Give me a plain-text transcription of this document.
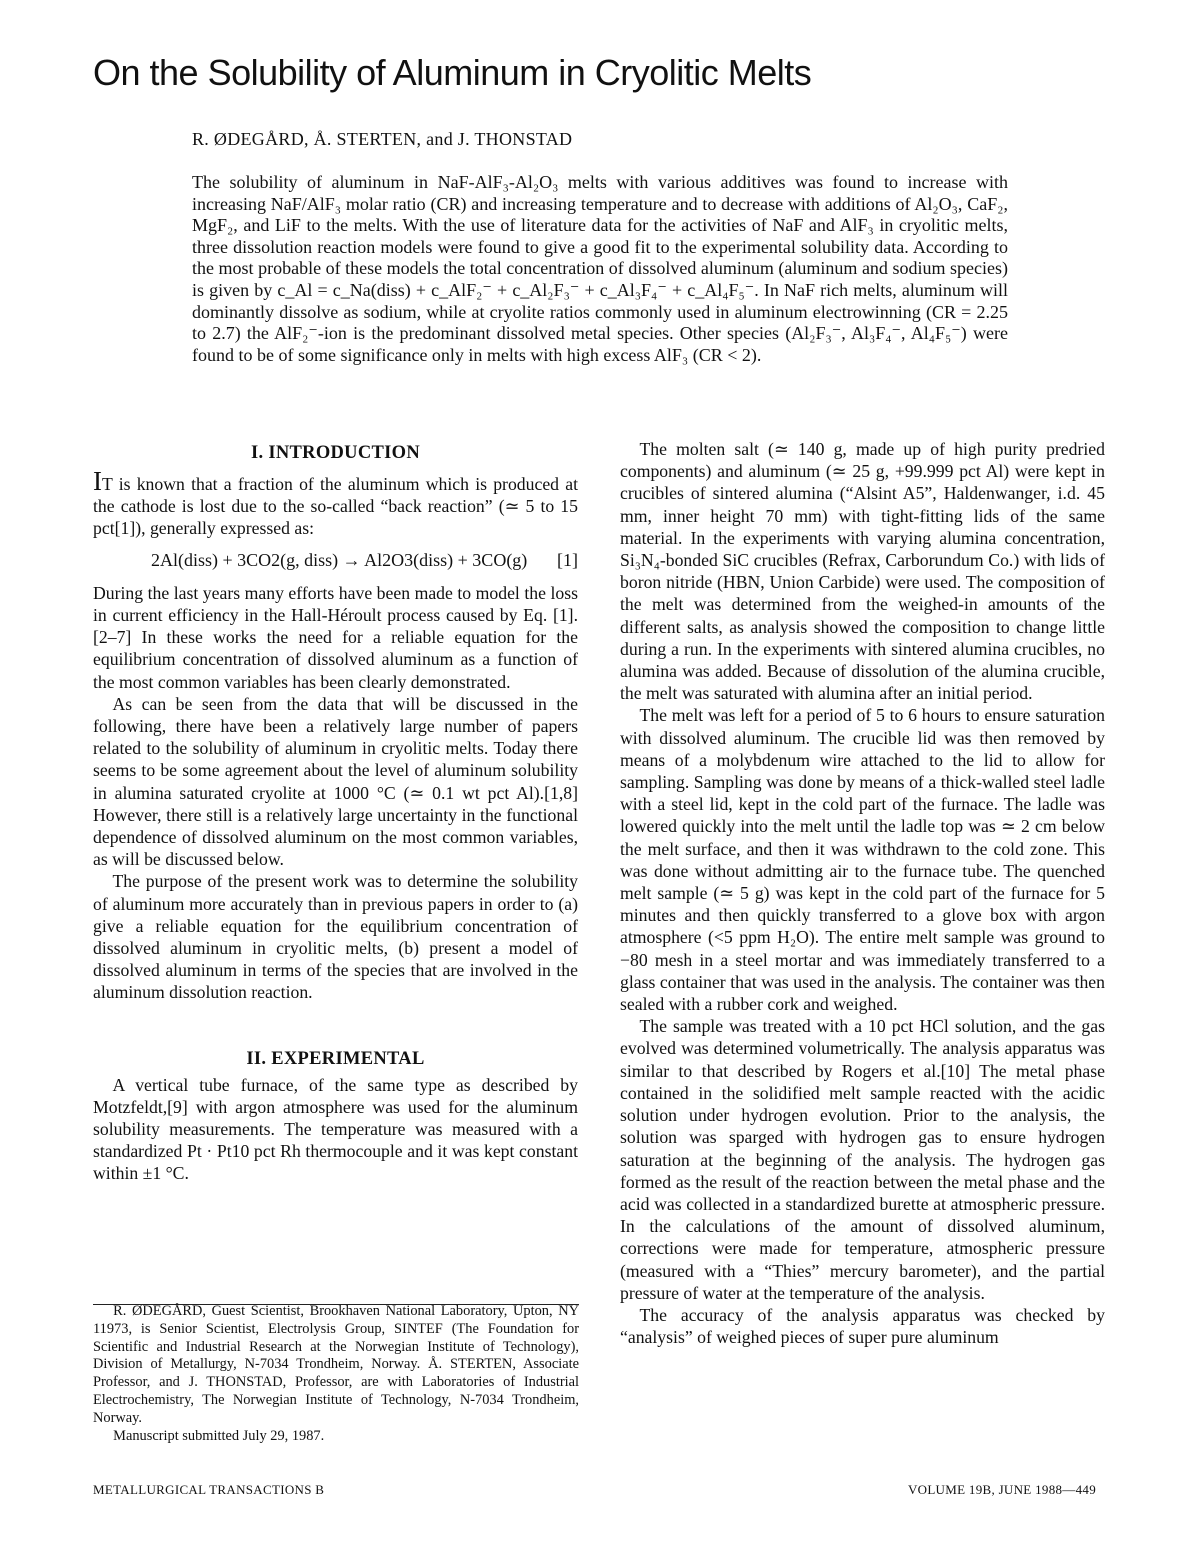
On the Solubility of Aluminum in Cryolitic Melts
R. ØDEGÅRD, Å. STERTEN, and J. THONSTAD

The solubility of aluminum in NaF-AlF₃-Al₂O₃ melts with various additives was found to increase with increasing NaF/AlF₃ molar ratio (CR) and increasing temperature and to decrease with additions of Al₂O₃, CaF₂, MgF₂, and LiF to the melts. With the use of literature data for the activities of NaF and AlF₃ in cryolitic melts, three dissolution reaction models were found to give a good fit to the experimental solubility data. According to the most probable of these models the total concentration of dissolved aluminum (aluminum and sodium species) is given by c_Al = c_Na(diss) + c_AlF₂⁻ + c_Al₂F₃⁻ + c_Al₃F₄⁻ + c_Al₄F₅⁻. In NaF rich melts, aluminum will dominantly dissolve as sodium, while at cryolite ratios commonly used in aluminum electrowinning (CR = 2.25 to 2.7) the AlF₂⁻-ion is the predominant dissolved metal species. Other species (Al₂F₃⁻, Al₃F₄⁻, Al₄F₅⁻) were found to be of some significance only in melts with high excess AlF₃ (CR < 2).

I. INTRODUCTION

IT is known that a fraction of the aluminum which is produced at the cathode is lost due to the so-called “back reaction” (≃ 5 to 15 pct[1]), generally expressed as:

2Al(diss) + 3CO2(g, diss) → Al2O3(diss) + 3CO(g) [1]

During the last years many efforts have been made to model the loss in current efficiency in the Hall-Héroult process caused by Eq. [1].[2–7] In these works the need for a reliable equation for the equilibrium concentration of dissolved aluminum as a function of the most common variables has been clearly demonstrated.

As can be seen from the data that will be discussed in the following, there have been a relatively large number of papers related to the solubility of aluminum in cryolitic melts. Today there seems to be some agreement about the level of aluminum solubility in alumina saturated cryolite at 1000 °C (≃ 0.1 wt pct Al).[1,8] However, there still is a relatively large uncertainty in the functional dependence of dissolved aluminum on the most common variables, as will be discussed below.

The purpose of the present work was to determine the solubility of aluminum more accurately than in previous papers in order to (a) give a reliable equation for the equilibrium concentration of dissolved aluminum in cryolitic melts, (b) present a model of dissolved aluminum in terms of the species that are involved in the aluminum dissolution reaction.

II. EXPERIMENTAL

A vertical tube furnace, of the same type as described by Motzfeldt,[9] with argon atmosphere was used for the aluminum solubility measurements. The temperature was measured with a standardized Pt · Pt10 pct Rh thermocouple and it was kept constant within ±1 °C.

The molten salt (≃ 140 g, made up of high purity predried components) and aluminum (≃ 25 g, +99.999 pct Al) were kept in crucibles of sintered alumina (“Alsint A5”, Haldenwanger, i.d. 45 mm, inner height 70 mm) with tight-fitting lids of the same material. In the experiments with varying alumina concentration, Si₃N₄-bonded SiC crucibles (Refrax, Carborundum Co.) with lids of boron nitride (HBN, Union Carbide) were used. The composition of the melt was determined from the weighed-in amounts of the different salts, as analysis showed the composition to change little during a run. In the experiments with sintered alumina crucibles, no alumina was added. Because of dissolution of the alumina crucible, the melt was saturated with alumina after an initial period.

The melt was left for a period of 5 to 6 hours to ensure saturation with dissolved aluminum. The crucible lid was then removed by means of a molybdenum wire attached to the lid to allow for sampling. Sampling was done by means of a thick-walled steel ladle with a steel lid, kept in the cold part of the furnace. The ladle was lowered quickly into the melt until the ladle top was ≃ 2 cm below the melt surface, and then it was withdrawn to the cold zone. This was done without admitting air to the furnace tube. The quenched melt sample (≃ 5 g) was kept in the cold part of the furnace for 5 minutes and then quickly transferred to a glove box with argon atmosphere (<5 ppm H₂O). The entire melt sample was ground to −80 mesh in a steel mortar and was immediately transferred to a glass container that was used in the analysis. The container was then sealed with a rubber cork and weighed.

The sample was treated with a 10 pct HCl solution, and the gas evolved was determined volumetrically. The analysis apparatus was similar to that described by Rogers et al.[10] The metal phase contained in the solidified melt sample reacted with the acidic solution under hydrogen evolution. Prior to the analysis, the solution was sparged with hydrogen gas to ensure hydrogen saturation at the beginning of the analysis. The hydrogen gas formed as the result of the reaction between the metal phase and the acid was collected in a standardized burette at atmospheric pressure. In the calculations of the amount of dissolved aluminum, corrections were made for temperature, atmospheric pressure (measured with a “Thies” mercury barometer), and the partial pressure of water at the temperature of the analysis.

The accuracy of the analysis apparatus was checked by “analysis” of weighed pieces of super pure aluminum

R. ØDEGÅRD, Guest Scientist, Brookhaven National Laboratory, Upton, NY 11973, is Senior Scientist, Electrolysis Group, SINTEF (The Foundation for Scientific and Industrial Research at the Norwegian Institute of Technology), Division of Metallurgy, N-7034 Trondheim, Norway. Å. STERTEN, Associate Professor, and J. THONSTAD, Professor, are with Laboratories of Industrial Electrochemistry, The Norwegian Institute of Technology, N-7034 Trondheim, Norway.

Manuscript submitted July 29, 1987.

METALLURGICAL TRANSACTIONS B	VOLUME 19B, JUNE 1988—449
